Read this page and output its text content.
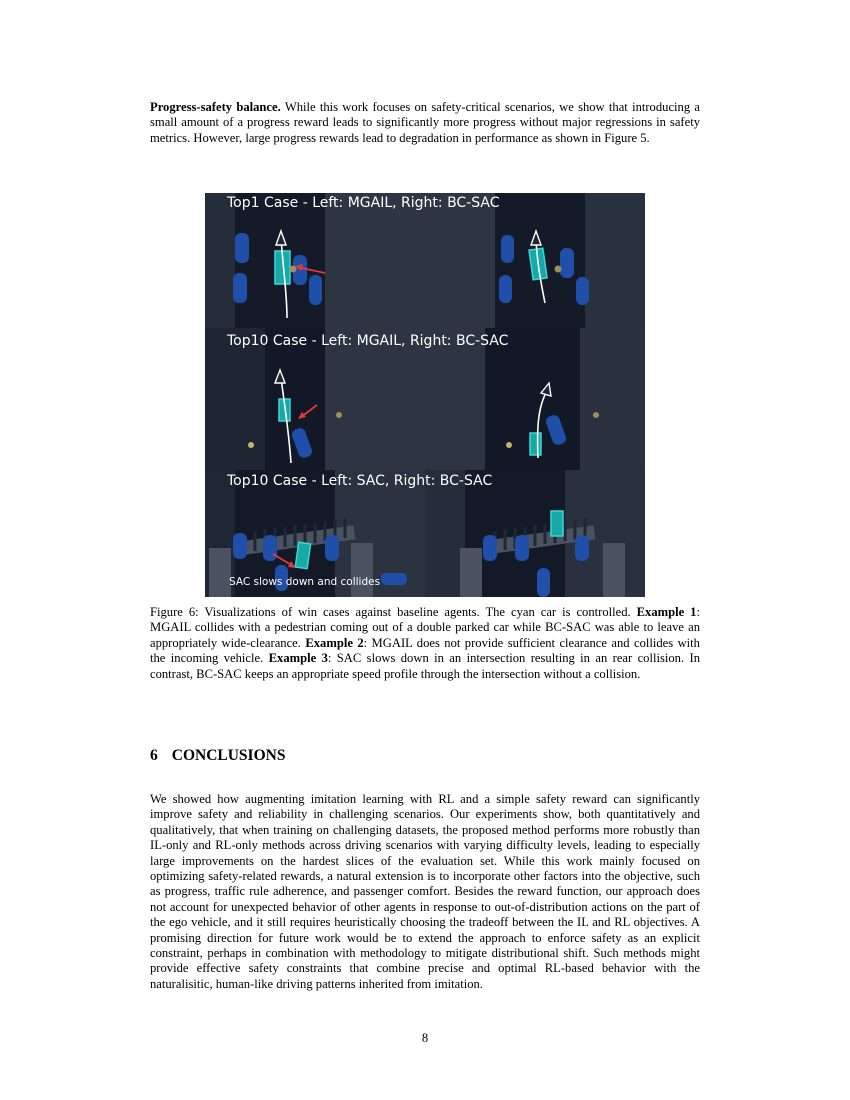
Progress-safety balance. While this work focuses on safety-critical scenarios, we show that introducing a small amount of a progress reward leads to significantly more progress without major regressions in safety metrics. However, large progress rewards lead to degradation in performance as shown in Figure 5.

Top1 Case - Left: MGAIL, Right: BC-SAC
Top10 Case - Left: MGAIL, Right: BC-SAC
Top10 Case - Left: SAC, Right: BC-SAC
SAC slows down and collides

Figure 6: Visualizations of win cases against baseline agents. The cyan car is controlled. Example 1: MGAIL collides with a pedestrian coming out of a double parked car while BC-SAC was able to leave an appropriately wide-clearance. Example 2: MGAIL does not provide sufficient clearance and collides with the incoming vehicle. Example 3: SAC slows down in an intersection resulting in an rear collision. In contrast, BC-SAC keeps an appropriate speed profile through the intersection without a collision.

6 CONCLUSIONS

We showed how augmenting imitation learning with RL and a simple safety reward can significantly improve safety and reliability in challenging scenarios. Our experiments show, both quantitatively and qualitatively, that when training on challenging datasets, the proposed method performs more robustly than IL-only and RL-only methods across driving scenarios with varying difficulty levels, leading to especially large improvements on the hardest slices of the evaluation set. While this work mainly focused on optimizing safety-related rewards, a natural extension is to incorporate other factors into the objective, such as progress, traffic rule adherence, and passenger comfort. Besides the reward function, our approach does not account for unexpected behavior of other agents in response to out-of-distribution actions on the part of the ego vehicle, and it still requires heuristically choosing the tradeoff between the IL and RL objectives. A promising direction for future work would be to extend the approach to enforce safety as an explicit constraint, perhaps in combination with methodology to mitigate distributional shift. Such methods might provide effective safety constraints that combine precise and optimal RL-based behavior with the naturalisitic, human-like driving patterns inherited from imitation.

8
